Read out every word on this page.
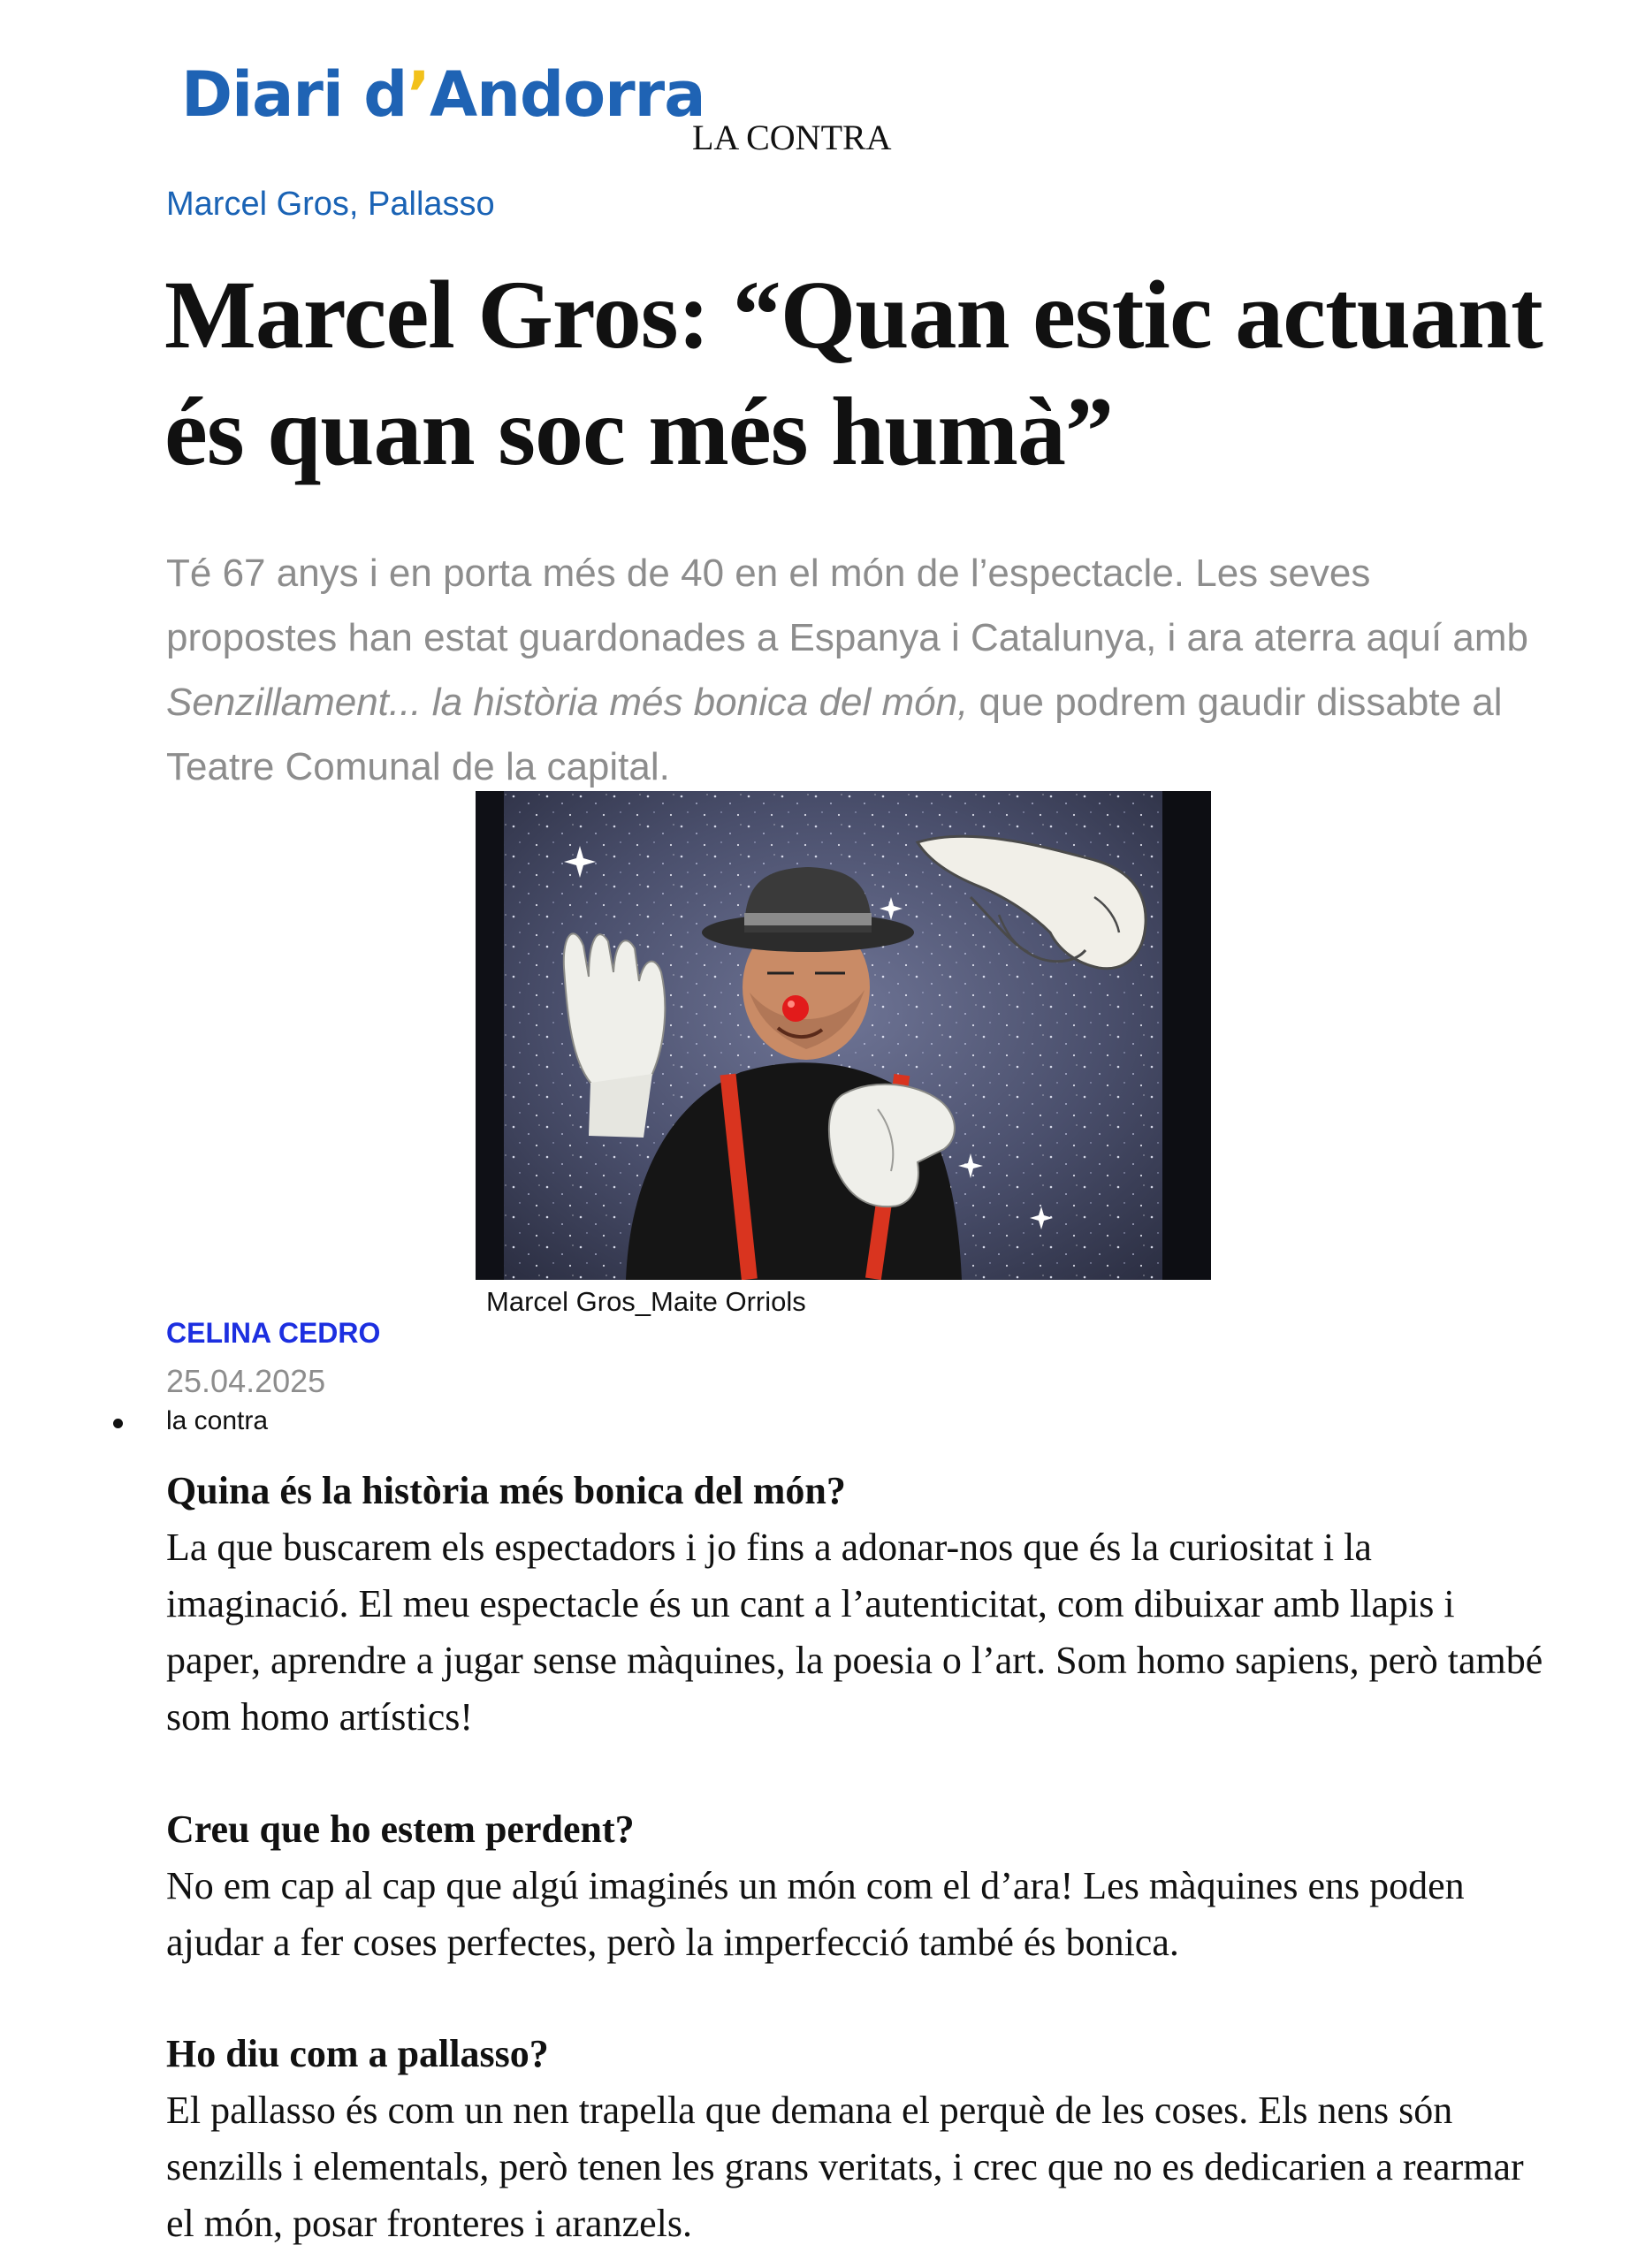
Diari d’Andorra
LA CONTRA
Marcel Gros, Pallasso
Marcel Gros: “Quan estic actuant és quan soc més humà”

Té 67 anys i en porta més de 40 en el món de l’espectacle. Les seves propostes han estat guardonades a Espanya i Catalunya, i ara aterra aquí amb Senzillament... la història més bonica del món, que podrem gaudir dissabte al Teatre Comunal de la capital.

Marcel Gros_Maite Orriols
CELINA CEDRO
25.04.2025
la contra

Quina és la història més bonica del món?

La que buscarem els espectadors i jo fins a adonar-nos que és la curiositat i la imaginació. El meu espectacle és un cant a l’autenticitat, com dibuixar amb llapis i paper, aprendre a jugar sense màquines, la poesia o l’art. Som homo sapiens, però també som homo artístics!

Creu que ho estem perdent?

No em cap al cap que algú imaginés un món com el d’ara! Les màquines ens poden ajudar a fer coses perfectes, però la imperfecció també és bonica.

Ho diu com a pallasso?

El pallasso és com un nen trapella que demana el perquè de les coses. Els nens són senzills i elementals, però tenen les grans veritats, i crec que no es dedicarien a rearmar el món, posar fronteres i aranzels.
